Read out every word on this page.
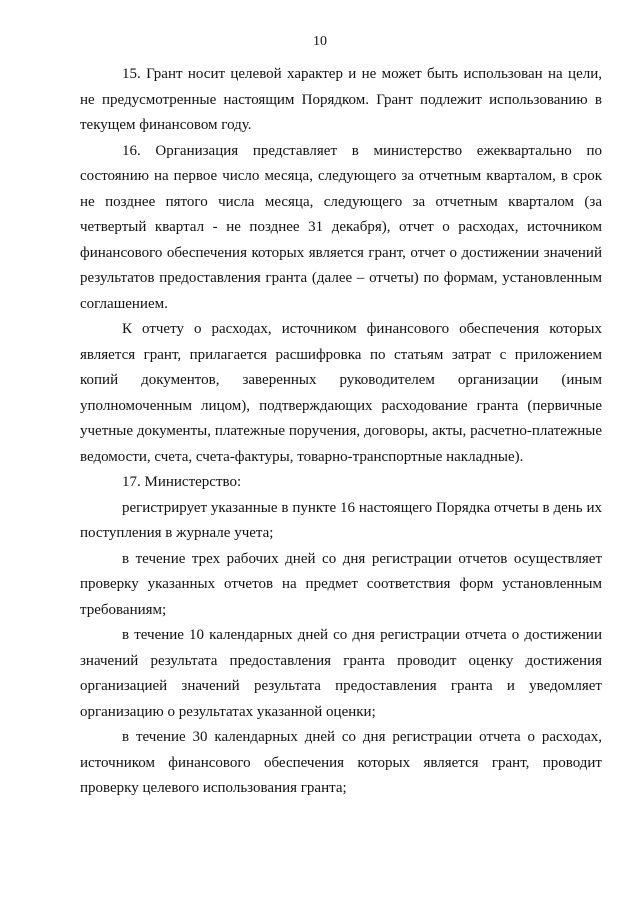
10

15. Грант носит целевой характер и не может быть использован на цели, не предусмотренные настоящим Порядком. Грант подлежит использованию в текущем финансовом году.

16. Организация представляет в министерство ежеквартально по состоянию на первое число месяца, следующего за отчетным кварталом, в срок не позднее пятого числа месяца, следующего за отчетным кварталом (за четвертый квартал - не позднее 31 декабря), отчет о расходах, источником финансового обеспечения которых является грант, отчет о достижении значений результатов предоставления гранта (далее – отчеты) по формам, установленным соглашением.

К отчету о расходах, источником финансового обеспечения которых является грант, прилагается расшифровка по статьям затрат с приложением копий документов, заверенных руководителем организации (иным уполномоченным лицом), подтверждающих расходование гранта (первичные учетные документы, платежные поручения, договоры, акты, расчетно-платежные ведомости, счета, счета-фактуры, товарно-транспортные накладные).

17. Министерство:

регистрирует указанные в пункте 16 настоящего Порядка отчеты в день их поступления в журнале учета;

в течение трех рабочих дней со дня регистрации отчетов осуществляет проверку указанных отчетов на предмет соответствия форм установленным требованиям;

в течение 10 календарных дней со дня регистрации отчета о достижении значений результата предоставления гранта проводит оценку достижения организацией значений результата предоставления гранта и уведомляет организацию о результатах указанной оценки;

в течение 30 календарных дней со дня регистрации отчета о расходах, источником финансового обеспечения которых является грант, проводит проверку целевого использования гранта;
